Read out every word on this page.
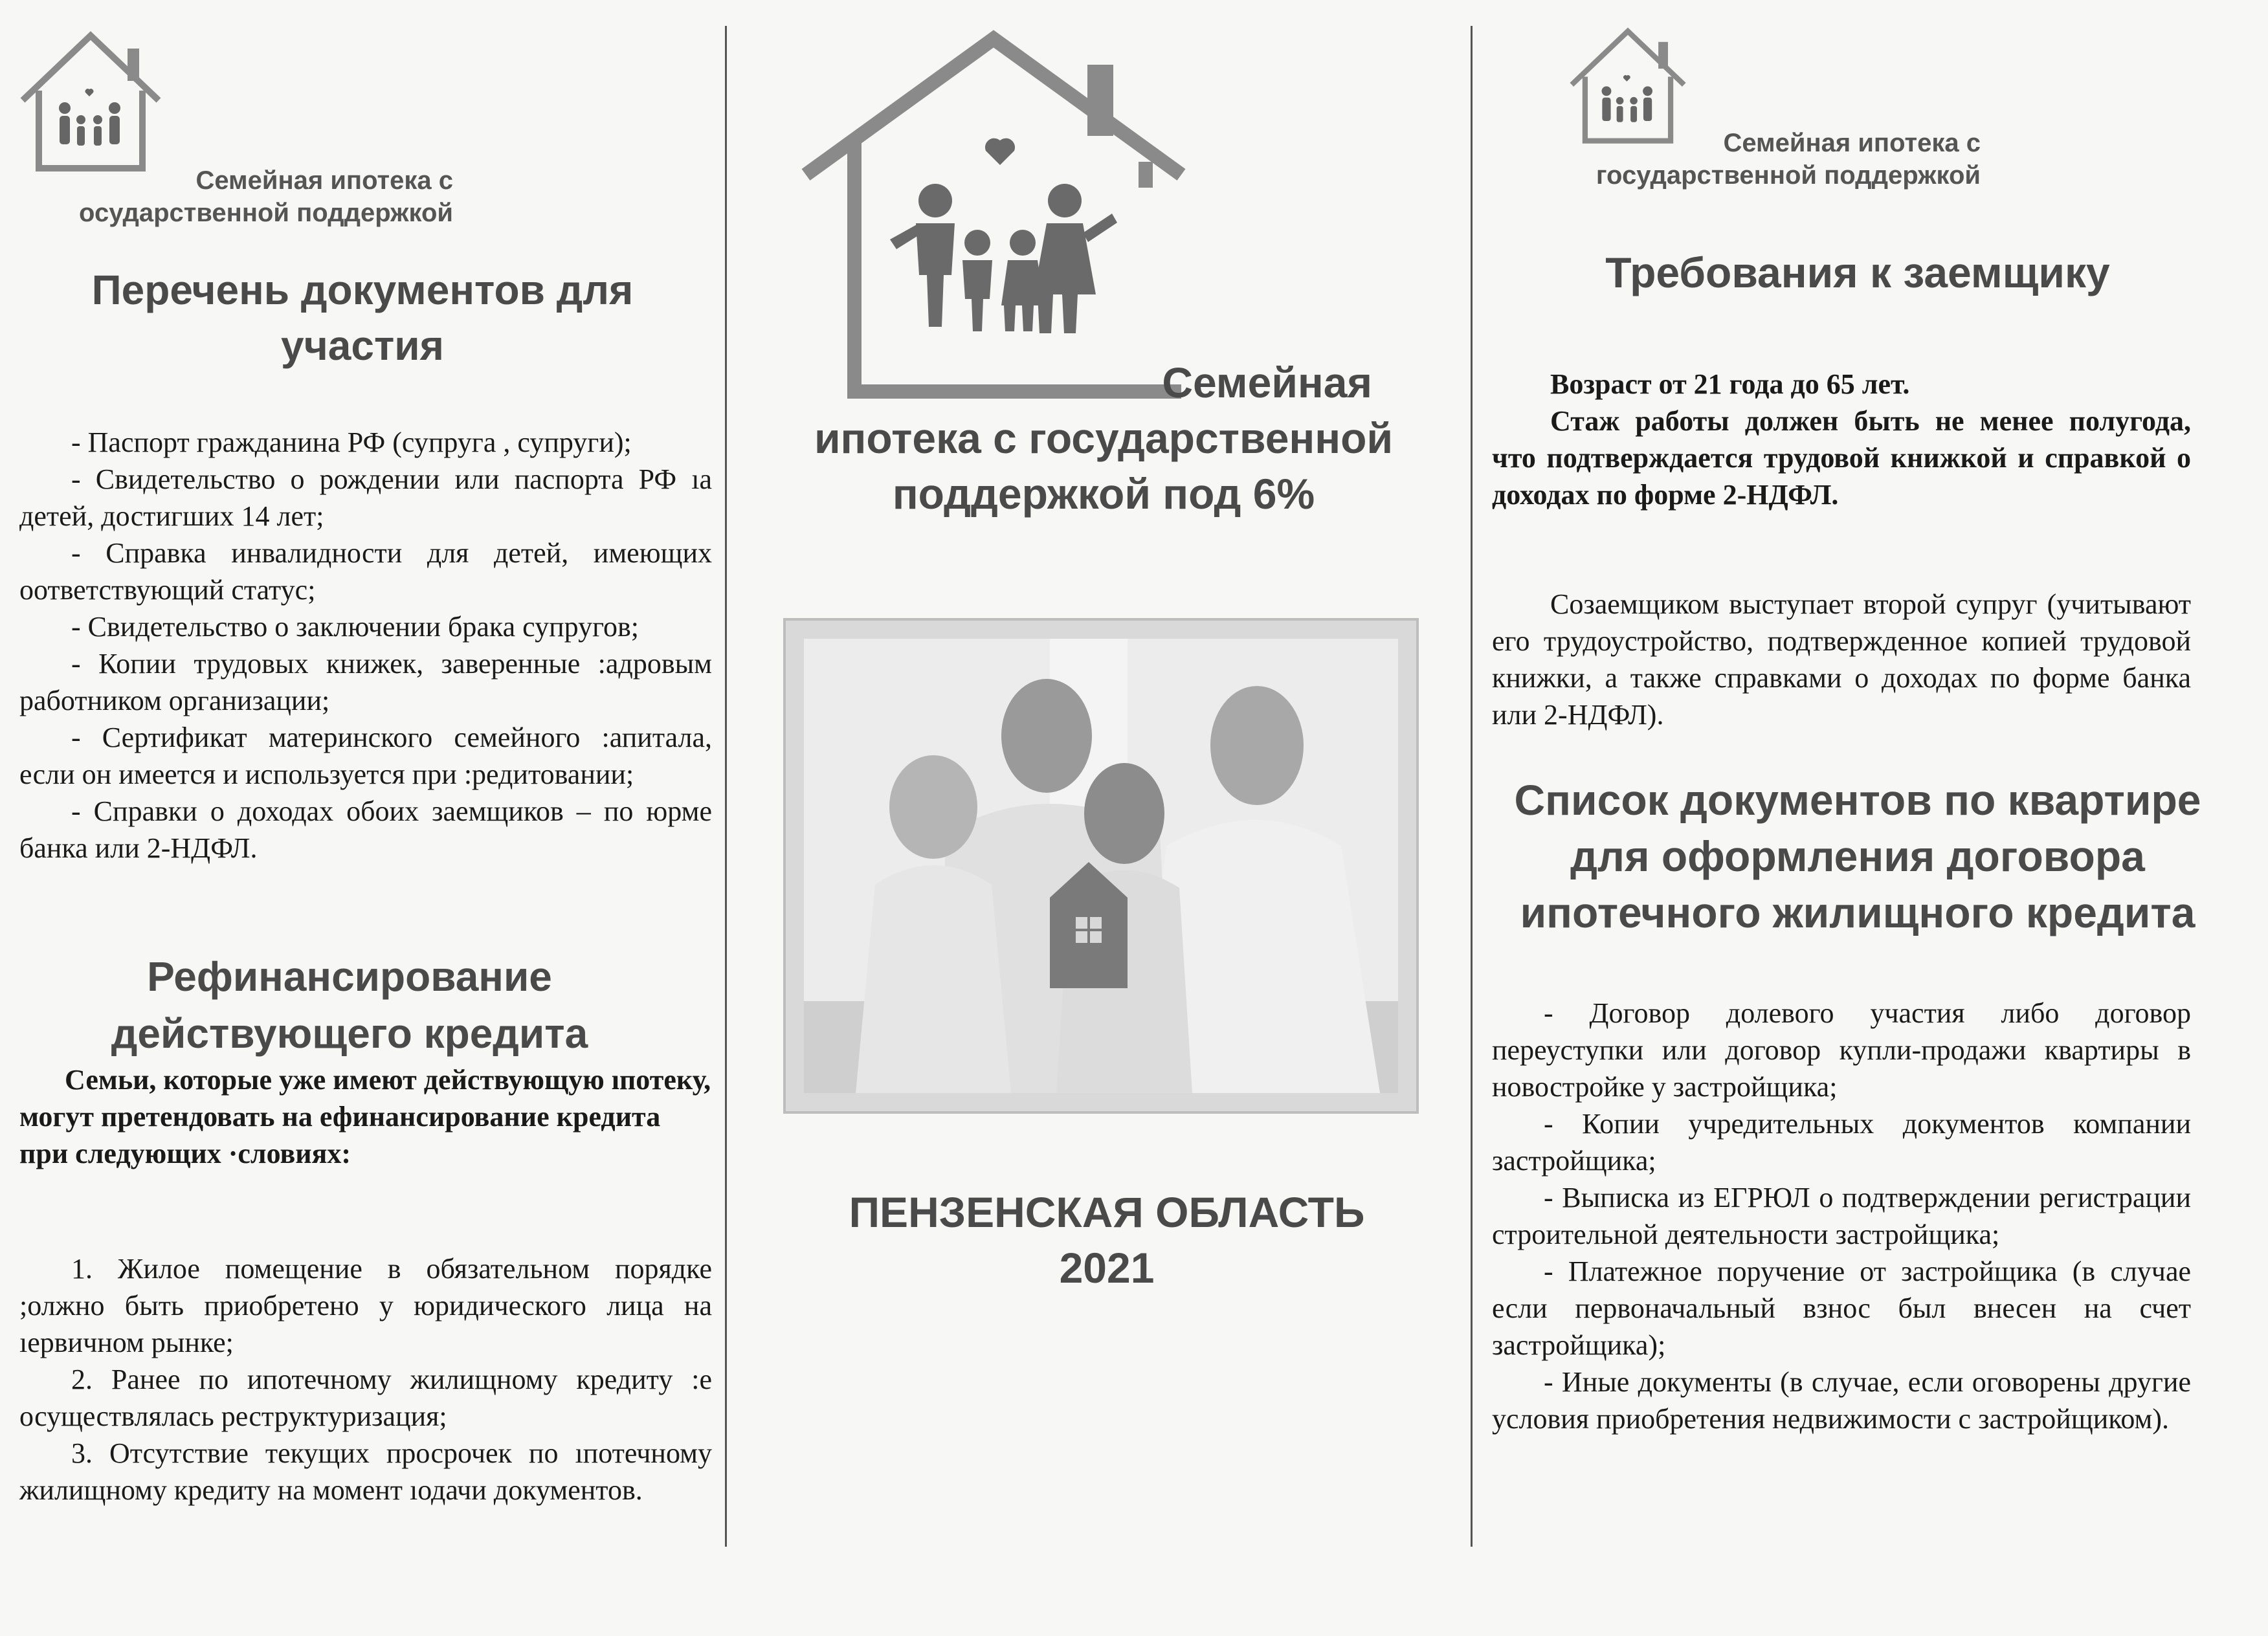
Семейная ипотека с
осударственной поддержкой
Перечень документов для участия

- Паспорт гражданина РФ (супруга , супруги);

- Свидетельство о рождении или паспорта РФ ıа детей, достигших 14 лет;

- Справка инвалидности для детей, имеющих оответствующий статус;

- Свидетельство о заключении брака супругов;

- Копии трудовых книжек, заверенные :адровым работником организации;

- Сертификат материнского семейного :апитала, если он имеется и используется при :редитовании;

- Справки о доходах обоих заемщиков – по юрме банка или 2-НДФЛ.

Рефинансирование действующего кредита

Семьи, которые уже имеют действующую ıпотеку, могут претендовать на ефинансирование кредита при следующих ·словиях:

1. Жилое помещение в обязательном порядке ;олжно быть приобретено у юридического лица на ıервичном рынке;

2. Ранее по ипотечному жилищному кредиту :е осуществлялась реструктуризация;

3. Отсутствие текущих просрочек по ıпотечному жилищному кредиту на момент ıодачи документов.

Семейная
ипотека с государственной
поддержкой под 6%
ПЕНЗЕНСКАЯ ОБЛАСТЬ
2021
Семейная ипотека с
государственной поддержкой
Требования к заемщику

Возраст от 21 года до 65 лет.

Стаж работы должен быть не менее полугода, что подтверждается трудовой книжкой и справкой о доходах по форме 2-НДФЛ.

Созаемщиком выступает второй супруг (учитывают его трудоустройство, подтвержденное копией трудовой книжки, а также справками о доходах по форме банка или 2-НДФЛ).

Список документов по квартире для оформления договора ипотечного жилищного кредита

- Договор долевого участия либо договор переуступки или договор купли-продажи квартиры в новостройке у застройщика;

- Копии учредительных документов компании застройщика;

- Выписка из ЕГРЮЛ о подтверждении регистрации строительной деятельности застройщика;

- Платежное поручение от застройщика (в случае если первоначальный взнос был внесен на счет застройщика);

- Иные документы (в случае, если оговорены другие условия приобретения недвижимости с застройщиком).
